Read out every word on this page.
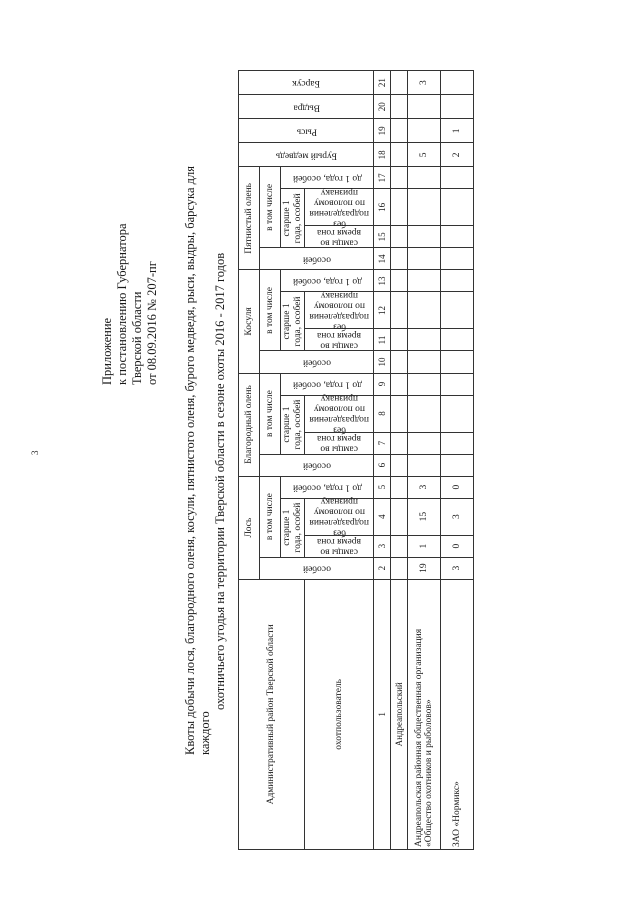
3
Приложение к постановлению Губернатора Тверской области от 08.09.2016 № 207-пг Квоты добычи лося, благородного оленя, косули, пятнистого оленя, бурого медведя, рыси, выдры, барсука для каждого
охотничьего угодья на территории Тверской области в сезоне охоты 2016 - 2017 годов
Административный район Тверской области	Лось				Благородный олень				Косуля				Пятнистый олень				Бурый медведь	Рысь	Выдра	Барсук
	особей	в том числе			особей	в том числе			особей	в том числе			особей	в том числе						
		старше 1 года, особей		до 1 года, особей		старше 1 года, особей		до 1 года, особей		старше 1 года, особей		до 1 года, особей		старше 1 года, особей		до 1 года, особей				
		самцы во время гона	без подразделения по половому признаку			самцы во время гона	без подразделения по половому признаку			самцы во время гона	без подразделения по половому признаку			самцы во время гона	без подразделения по половому признаку					
охотпользователь																				
1	2	3	4	5	6	7	8	9	10	11	12	13	14	15	16	17	18	19	20	21
Андреапольский																				
Андреапольская районная общественная организация «Общество охотников и рыболовов»	19	1	15	3													5			3
ЗАО «Нормикс»	3	0	3	0													2	1		
